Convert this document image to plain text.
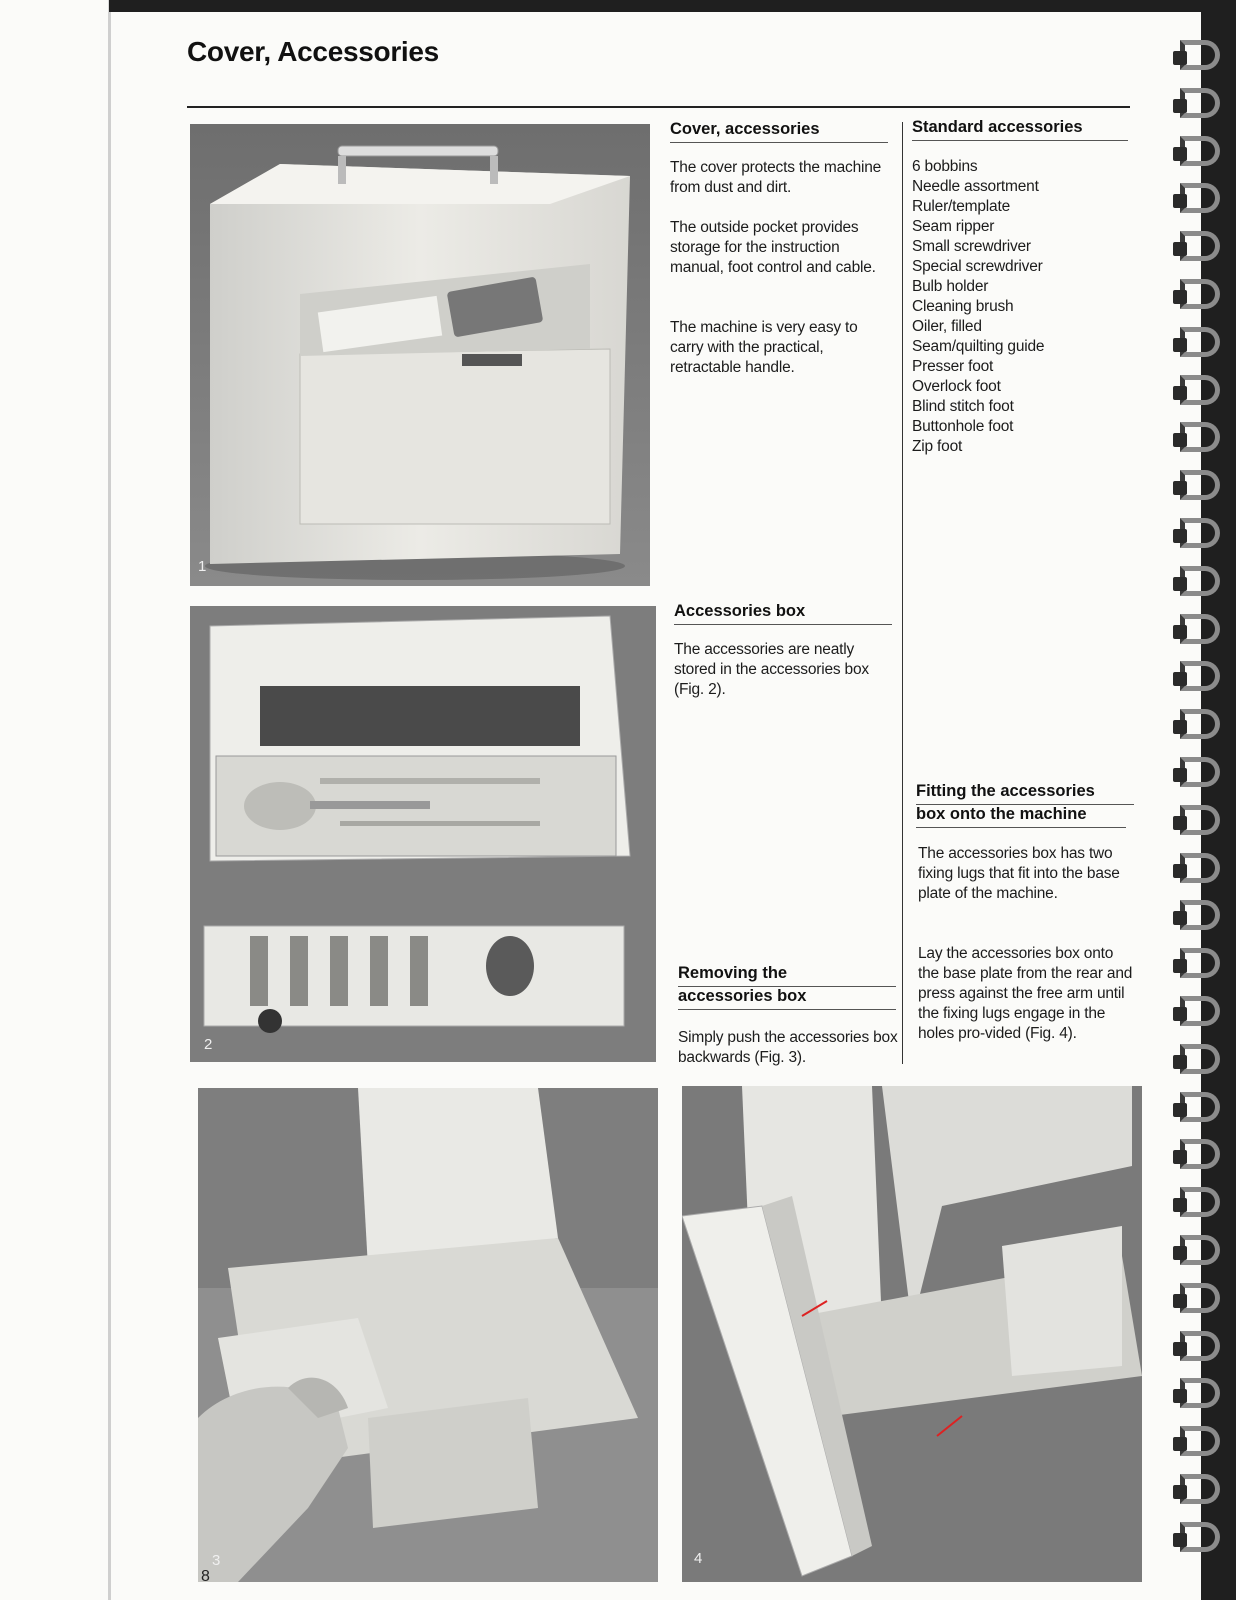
Cover, Accessories
1
2
3	4
Cover, accessories

The cover protects the machine from dust and dirt.

The outside pocket provides storage for the instruction manual, foot control and cable.

The machine is very easy to carry with the practical, retractable handle.

Standard accessories
6 bobbins
Needle assortment
Ruler/template
Seam ripper
Small screwdriver
Special screwdriver
Bulb holder
Cleaning brush
Oiler, filled
Seam/quilting guide
Presser foot
Overlock foot
Blind stitch foot
Buttonhole foot
Zip foot
Accessories box

The accessories are neatly stored in the accessories box (Fig. 2).

Fitting the accessories
box onto the machine

The accessories box has two fixing lugs that fit into the base plate of the machine.

Lay the accessories box onto the base plate from the rear and press against the free arm until the fixing lugs engage in the holes pro-vided (Fig. 4).

Removing the
accessories box

Simply push the accessories box backwards (Fig. 3).

8
